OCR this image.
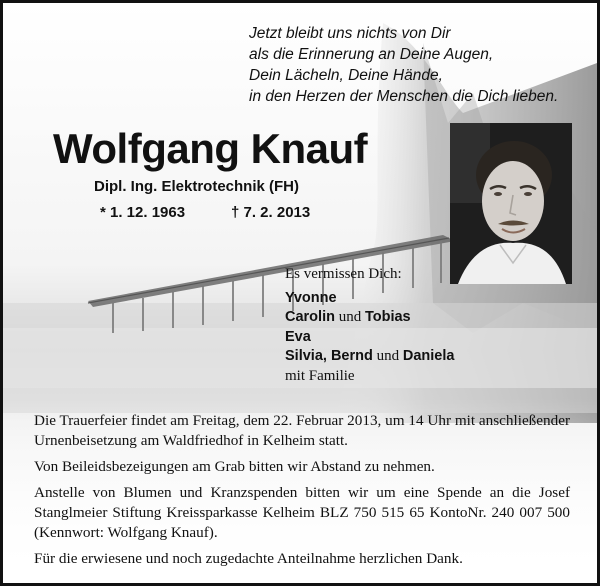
Jetzt bleibt uns nichts von Dir
als die Erinnerung an Deine Augen,
Dein Lächeln, Deine Hände,
in den Herzen der Menschen die Dich lieben.
Wolfgang Knauf
Dipl. Ing. Elektrotechnik (FH)
* 1. 12. 1963	† 7. 2. 2013
Es vermissen Dich:
Yvonne
Carolin und Tobias
Eva
Silvia, Bernd und Daniela
mit Familie

Die Trauerfeier findet am Freitag, dem 22. Februar 2013, um 14 Uhr mit anschließender Urnenbeisetzung am Waldfriedhof in Kelheim statt.

Von Beileidsbezeigungen am Grab bitten wir Abstand zu nehmen.

Anstelle von Blumen und Kranzspenden bitten wir um eine Spende an die Josef Stanglmeier Stiftung Kreissparkasse Kelheim BLZ 750 515 65 KontoNr. 240 007 500 (Kennwort: Wolfgang Knauf).

Für die erwiesene und noch zugedachte Anteilnahme herzlichen Dank.
